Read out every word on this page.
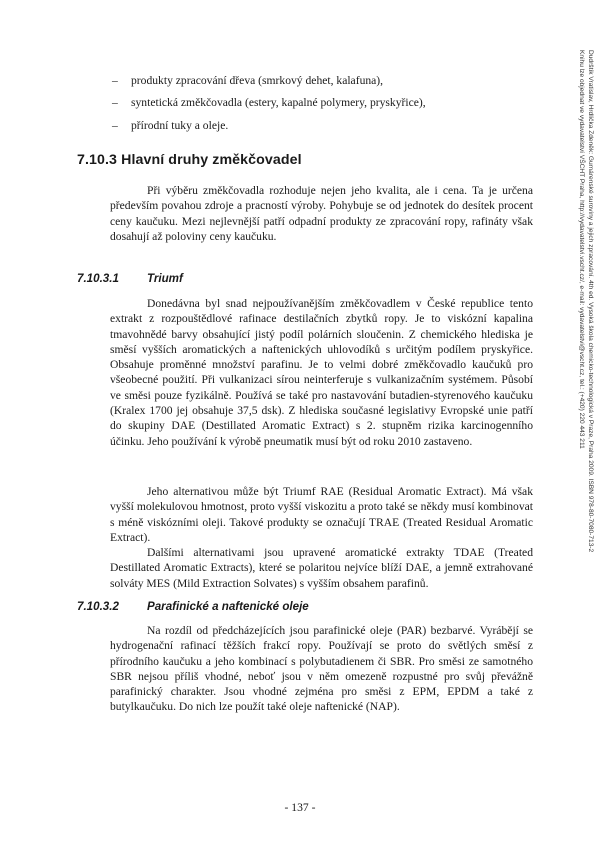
– produkty zpracování dřeva (smrkový dehet, kalafuna),
– syntetická změkčovadla (estery, kapalné polymery, pryskyřice),
– přírodní tuky a oleje.
7.10.3 Hlavní druhy změkčovadel

Při výběru změkčovadla rozhoduje nejen jeho kvalita, ale i cena. Ta je určena především povahou zdroje a pracností výroby. Pohybuje se od jednotek do desítek procent ceny kaučuku. Mezi nejlevnější patří odpadní produkty ze zpracování ropy, rafináty však dosahují až poloviny ceny kaučuku.

7.10.3.1 Triumf

Donedávna byl snad nejpoužívanějším změkčovadlem v České republice tento extrakt z rozpouštědlové rafinace destilačních zbytků ropy. Je to viskózní kapalina tmavohnědé barvy obsahující jistý podíl polárních sloučenin. Z chemického hlediska je směsí vyšších aromatických a naftenických uhlovodíků s určitým podílem pryskyřice. Obsahuje proměnné množství parafinu. Je to velmi dobré změkčovadlo kaučuků pro všeobecné použití. Při vulkanizaci sírou neinterferuje s vulkanizačním systémem. Působí ve směsi pouze fyzikálně. Používá se také pro nastavování butadien-styrenového kaučuku (Kralex 1700 jej obsahuje 37,5 dsk). Z hlediska současné legislativy Evropské unie patří do skupiny DAE (Destillated Aromatic Extract) s 2. stupněm rizika karcinogenního účinku. Jeho používání k výrobě pneumatik musí být od roku 2010 zastaveno.

Jeho alternativou může být Triumf RAE (Residual Aromatic Extract). Má však vyšší molekulovou hmotnost, proto vyšší viskozitu a proto také se někdy musí kombinovat s méně viskózními oleji. Takové produkty se označují TRAE (Treated Residual Aromatic Extract).

Dalšími alternativami jsou upravené aromatické extrakty TDAE (Treated Destillated Aromatic Extracts), které se polaritou nejvíce blíží DAE, a jemně extrahované solváty MES (Mild Extraction Solvates) s vyšším obsahem parafinů.

7.10.3.2 Parafinické a naftenické oleje

Na rozdíl od předcházejících jsou parafinické oleje (PAR) bezbarvé. Vyrábějí se hydrogenační rafinací těžších frakcí ropy. Používají se proto do světlých směsí z přírodního kaučuku a jeho kombinací s polybutadienem či SBR. Pro směsi ze samotného SBR nejsou příliš vhodné, neboť jsou v něm omezeně rozpustné pro svůj převážně parafinický charakter. Jsou vhodné zejména pro směsi z EPM, EPDM a také z butylkaučuku. Do nich lze použít také oleje naftenické (NAP).

- 137 -
Dudrštík Vratislav, Hrdlička Zdeněk: Gumárenské suroviny a jejich zpracování. 4th ed. Vysoká škola chemicko-technologická v Praze, Praha 2009. ISBN 978-80-7080-713-2
Knihu lze objednat ve vydavatelství VŠCHT Praha, http://vydavatelstvi.vscht.cz/, e-mail: vydavatelstvi@vscht.cz, tel.: (+420) 220 443 211
